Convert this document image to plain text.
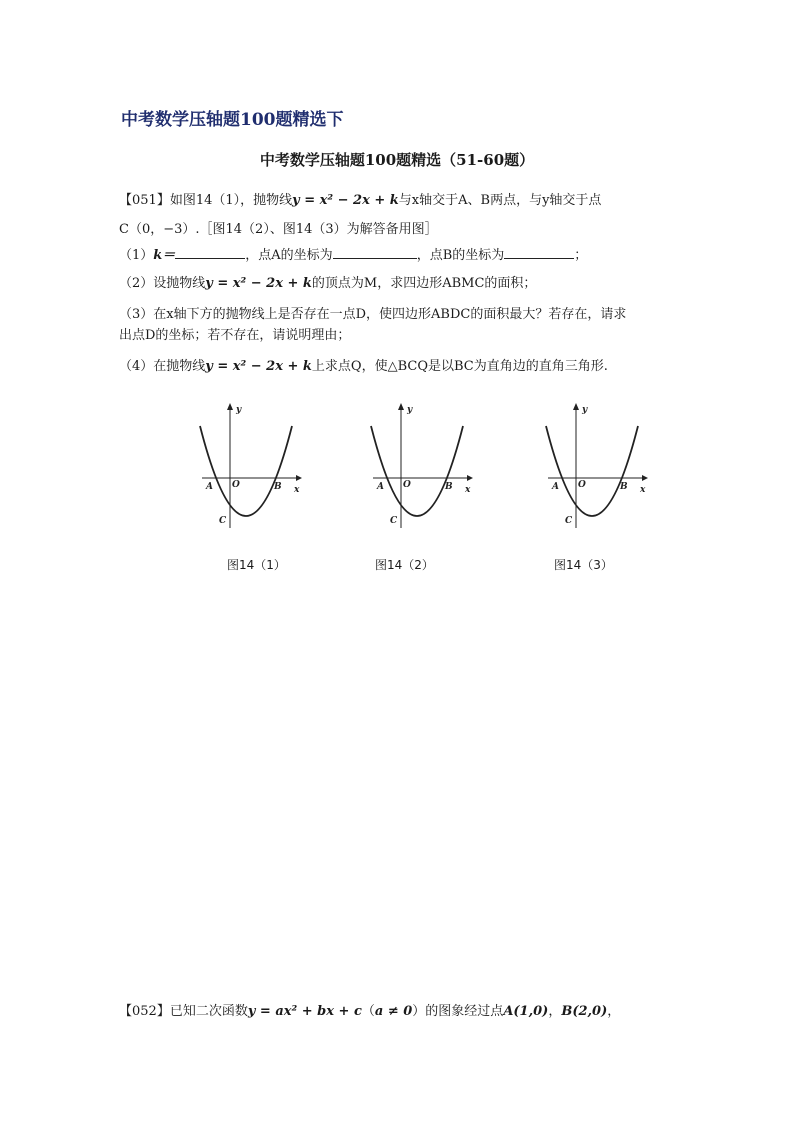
中考数学压轴题100题精选下
中考数学压轴题100题精选（51-60题）
【051】如图14（1），抛物线y = x² − 2x + k与x轴交于A、B两点，与y轴交于点
C（0，−3）.［图14（2）、图14（3）为解答备用图］
（1）k＝	，点A的坐标为	，点B的坐标为	；
（2）设抛物线y = x² − 2x + k的顶点为M，求四边形ABMC的面积；
（3）在x轴下方的抛物线上是否存在一点D，使四边形ABDC的面积最大？若存在，请求
出点D的坐标；若不存在，请说明理由；
（4）在抛物线y = x² − 2x + k上求点Q，使△BCQ是以BC为直角边的直角三角形.
y
x
A O	B
C
y
x
A O	B
C
y
x
A O	B
C
图14（1）	图14（2）	图14（3）
【052】已知二次函数y = ax² + bx + c（a ≠ 0）的图象经过点A(1,0)，B(2,0)，
